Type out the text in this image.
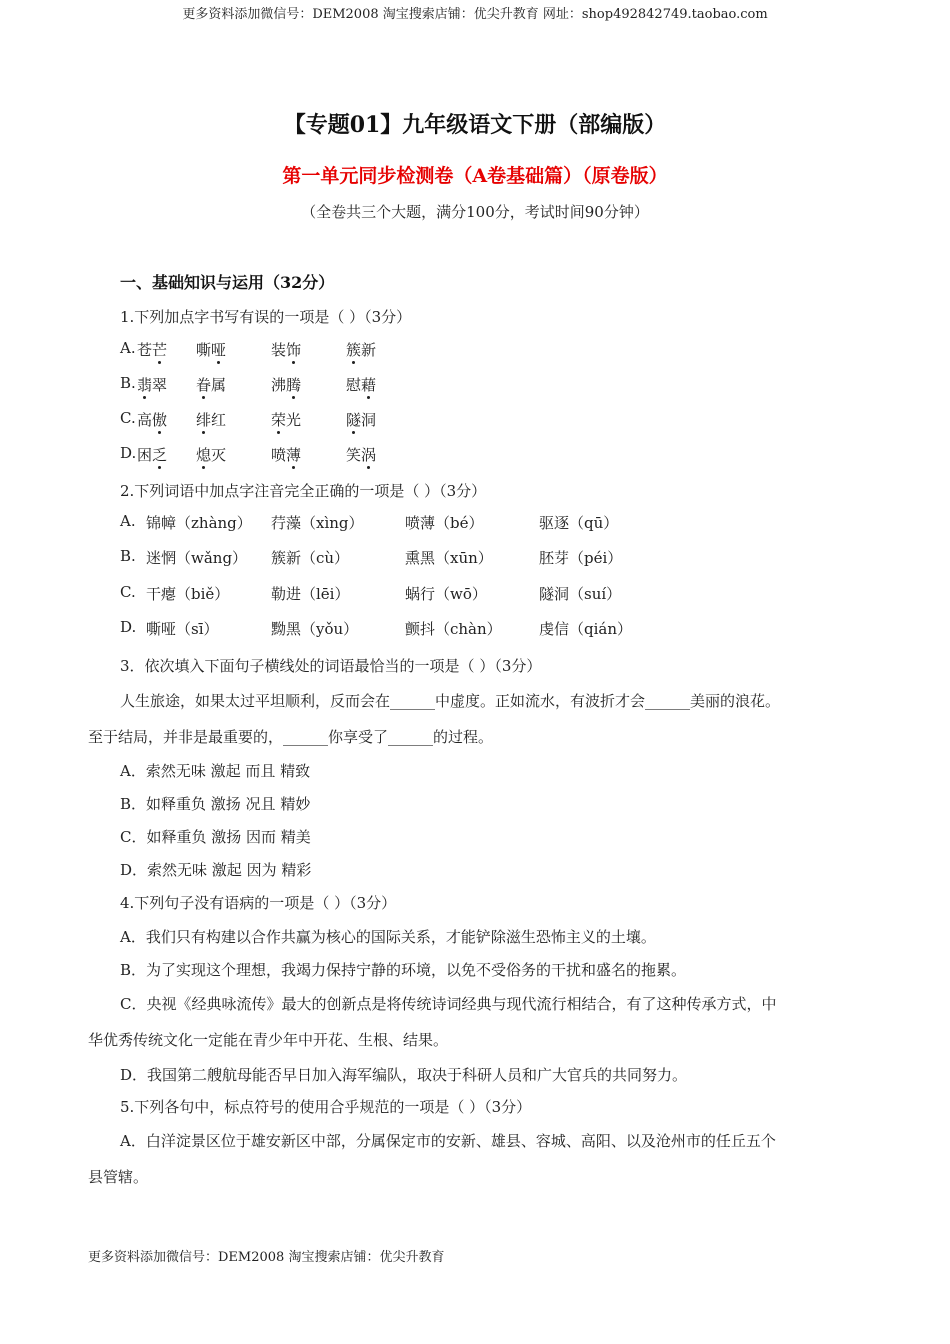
更多资料添加微信号：DEM2008 淘宝搜索店铺：优尖升教育 网址：shop492842749.taobao.com
【专题01】九年级语文下册（部编版）
第一单元同步检测卷（A卷基础篇）（原卷版）
（全卷共三个大题，满分100分，考试时间90分钟）
一、基础知识与运用（32分）
1.下列加点字书写有误的一项是（ ）（3分）
A. 苍芒 嘶哑	装饰	簇新
B. 翡翠 眷属	沸腾	慰藉
C. 高傲 绯红	荣光	隧洞
D. 困乏 熄灭	喷薄	笑涡
2.下列词语中加点字注音完全正确的一项是（ ）（3分）
A. 锦幛（zhàng） 荇藻（xìng）	喷薄（bé）	驱逐（qū）
B. 迷惘（wǎng） 簇新（cù）	熏黑（xūn）	胚芽（péi）
C. 干瘪（biě）	勒进（lēi）	蜗行（wō）	隧洞（suí）
D. 嘶哑（sī）	黝黑（yǒu）	颤抖（chàn） 虔信（qián）
3．依次填入下面句子横线处的词语最恰当的一项是（ ）（3分）
人生旅途，如果太过平坦顺利，反而会在______中虚度。正如流水，有波折才会______美丽的浪花。
至于结局，并非是最重要的，______你享受了______的过程。
A．索然无味 激起 而且 精致
B．如释重负 激扬 况且 精妙
C．如释重负 激扬 因而 精美
D．索然无味 激起 因为 精彩
4.下列句子没有语病的一项是（ ）（3分）
A．我们只有构建以合作共赢为核心的国际关系，才能铲除滋生恐怖主义的土壤。
B．为了实现这个理想，我竭力保持宁静的环境，以免不受俗务的干扰和盛名的拖累。
C．央视《经典咏流传》最大的创新点是将传统诗词经典与现代流行相结合，有了这种传承方式，中
华优秀传统文化一定能在青少年中开花、生根、结果。
D．我国第二艘航母能否早日加入海军编队，取决于科研人员和广大官兵的共同努力。
5.下列各句中，标点符号的使用合乎规范的一项是（ ）（3分）
A．白洋淀景区位于雄安新区中部，分属保定市的安新、雄县、容城、高阳、以及沧州市的任丘五个
县管辖。
更多资料添加微信号：DEM2008 淘宝搜索店铺：优尖升教育
